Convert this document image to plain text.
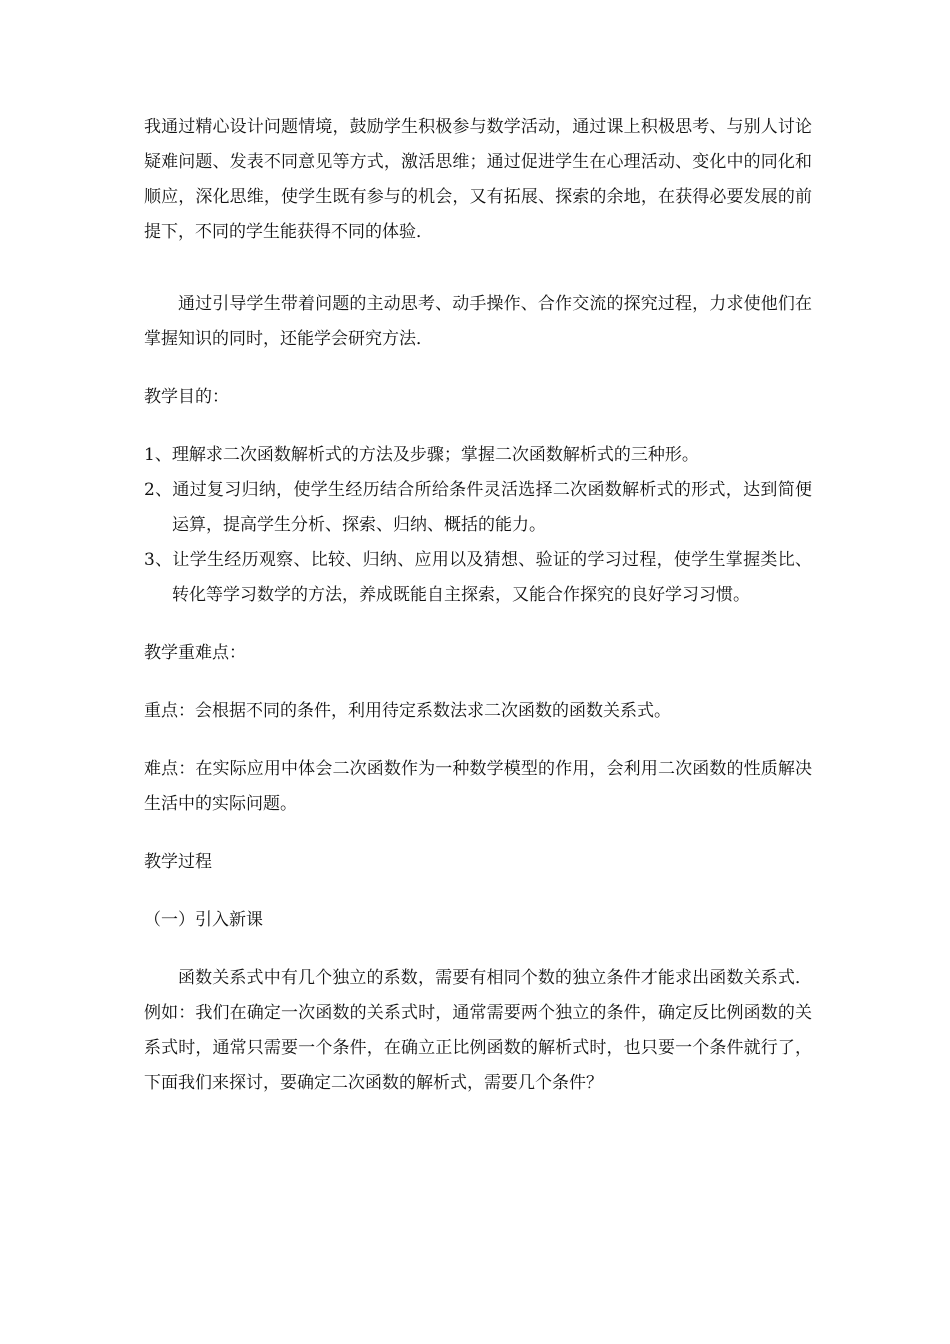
我通过精心设计问题情境，鼓励学生积极参与数学活动，通过课上积极思考、与别人讨论疑难问题、发表不同意见等方式，激活思维；通过促进学生在心理活动、变化中的同化和顺应，深化思维，使学生既有参与的机会，又有拓展、探索的余地，在获得必要发展的前提下，不同的学生能获得不同的体验．

通过引导学生带着问题的主动思考、动手操作、合作交流的探究过程，力求使他们在掌握知识的同时，还能学会研究方法．

教学目的：

1、理解求二次函数解析式的方法及步骤；掌握二次函数解析式的三种形。

2、通过复习归纳，使学生经历结合所给条件灵活选择二次函数解析式的形式，达到简便运算，提高学生分析、探索、归纳、概括的能力。

3、让学生经历观察、比较、归纳、应用以及猜想、验证的学习过程，使学生掌握类比、转化等学习数学的方法，养成既能自主探索，又能合作探究的良好学习习惯。

教学重难点：

重点：会根据不同的条件，利用待定系数法求二次函数的函数关系式。

难点：在实际应用中体会二次函数作为一种数学模型的作用，会利用二次函数的性质解决生活中的实际问题。

教学过程

（一）引入新课

函数关系式中有几个独立的系数，需要有相同个数的独立条件才能求出函数关系式．例如：我们在确定一次函数的关系式时，通常需要两个独立的条件，确定反比例函数的关系式时，通常只需要一个条件，在确立正比例函数的解析式时，也只要一个条件就行了，下面我们来探讨，要确定二次函数的解析式，需要几个条件？
